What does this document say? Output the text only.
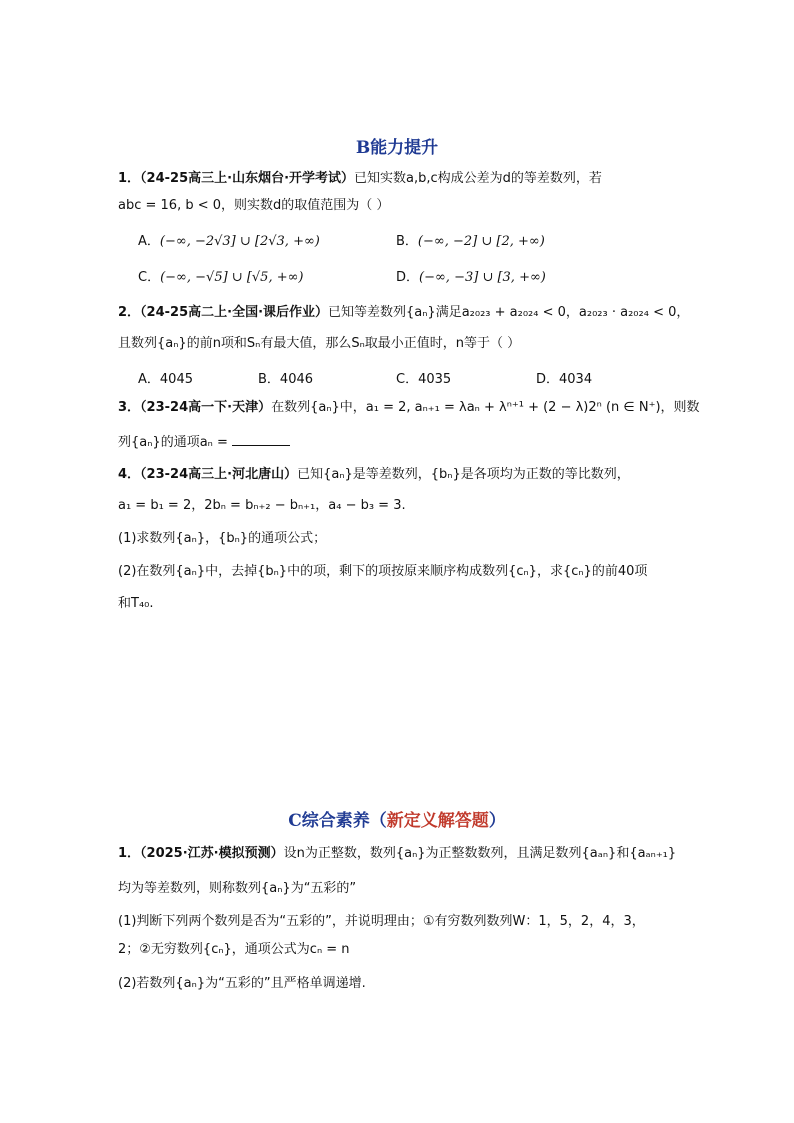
B能力提升
1．（24-25高三上·山东烟台·开学考试）已知实数a,b,c构成公差为d的等差数列，若
abc = 16, b < 0，则实数d的取值范围为（ ）
A．(−∞, −2√3] ∪ [2√3, +∞)	B．(−∞, −2] ∪ [2, +∞)
C．(−∞, −√5] ∪ [√5, +∞)	D．(−∞, −3] ∪ [3, +∞)
2．（24-25高二上·全国·课后作业）已知等差数列{aₙ}满足a₂₀₂₃ + a₂₀₂₄ < 0，a₂₀₂₃ · a₂₀₂₄ < 0，
且数列{aₙ}的前n项和Sₙ有最大值，那么Sₙ取最小正值时，n等于（ ）
A．4045	B．4046	C．4035	D．4034
3．（23-24高一下·天津）在数列{aₙ}中，a₁ = 2, aₙ₊₁ = λaₙ + λⁿ⁺¹ + (2 − λ)2ⁿ (n ∈ N⁺)，则数
列{aₙ}的通项aₙ =
4．（23-24高三上·河北唐山）已知{aₙ}是等差数列，{bₙ}是各项均为正数的等比数列，
a₁ = b₁ = 2，2bₙ = bₙ₊₂ − bₙ₊₁，a₄ − b₃ = 3.
(1)求数列{aₙ}，{bₙ}的通项公式；
(2)在数列{aₙ}中，去掉{bₙ}中的项，剩下的项按原来顺序构成数列{cₙ}，求{cₙ}的前40项
和T₄₀.
C综合素养（新定义解答题）
1．（2025·江苏·模拟预测）设n为正整数，数列{aₙ}为正整数数列，且满足数列{aₐₙ}和{aₐₙ₊₁}
均为等差数列，则称数列{aₙ}为“五彩的”
(1)判断下列两个数列是否为“五彩的”，并说明理由；①有穷数列数列W：1，5，2，4，3，
2；②无穷数列{cₙ}，通项公式为cₙ = n
(2)若数列{aₙ}为“五彩的”且严格单调递增.
